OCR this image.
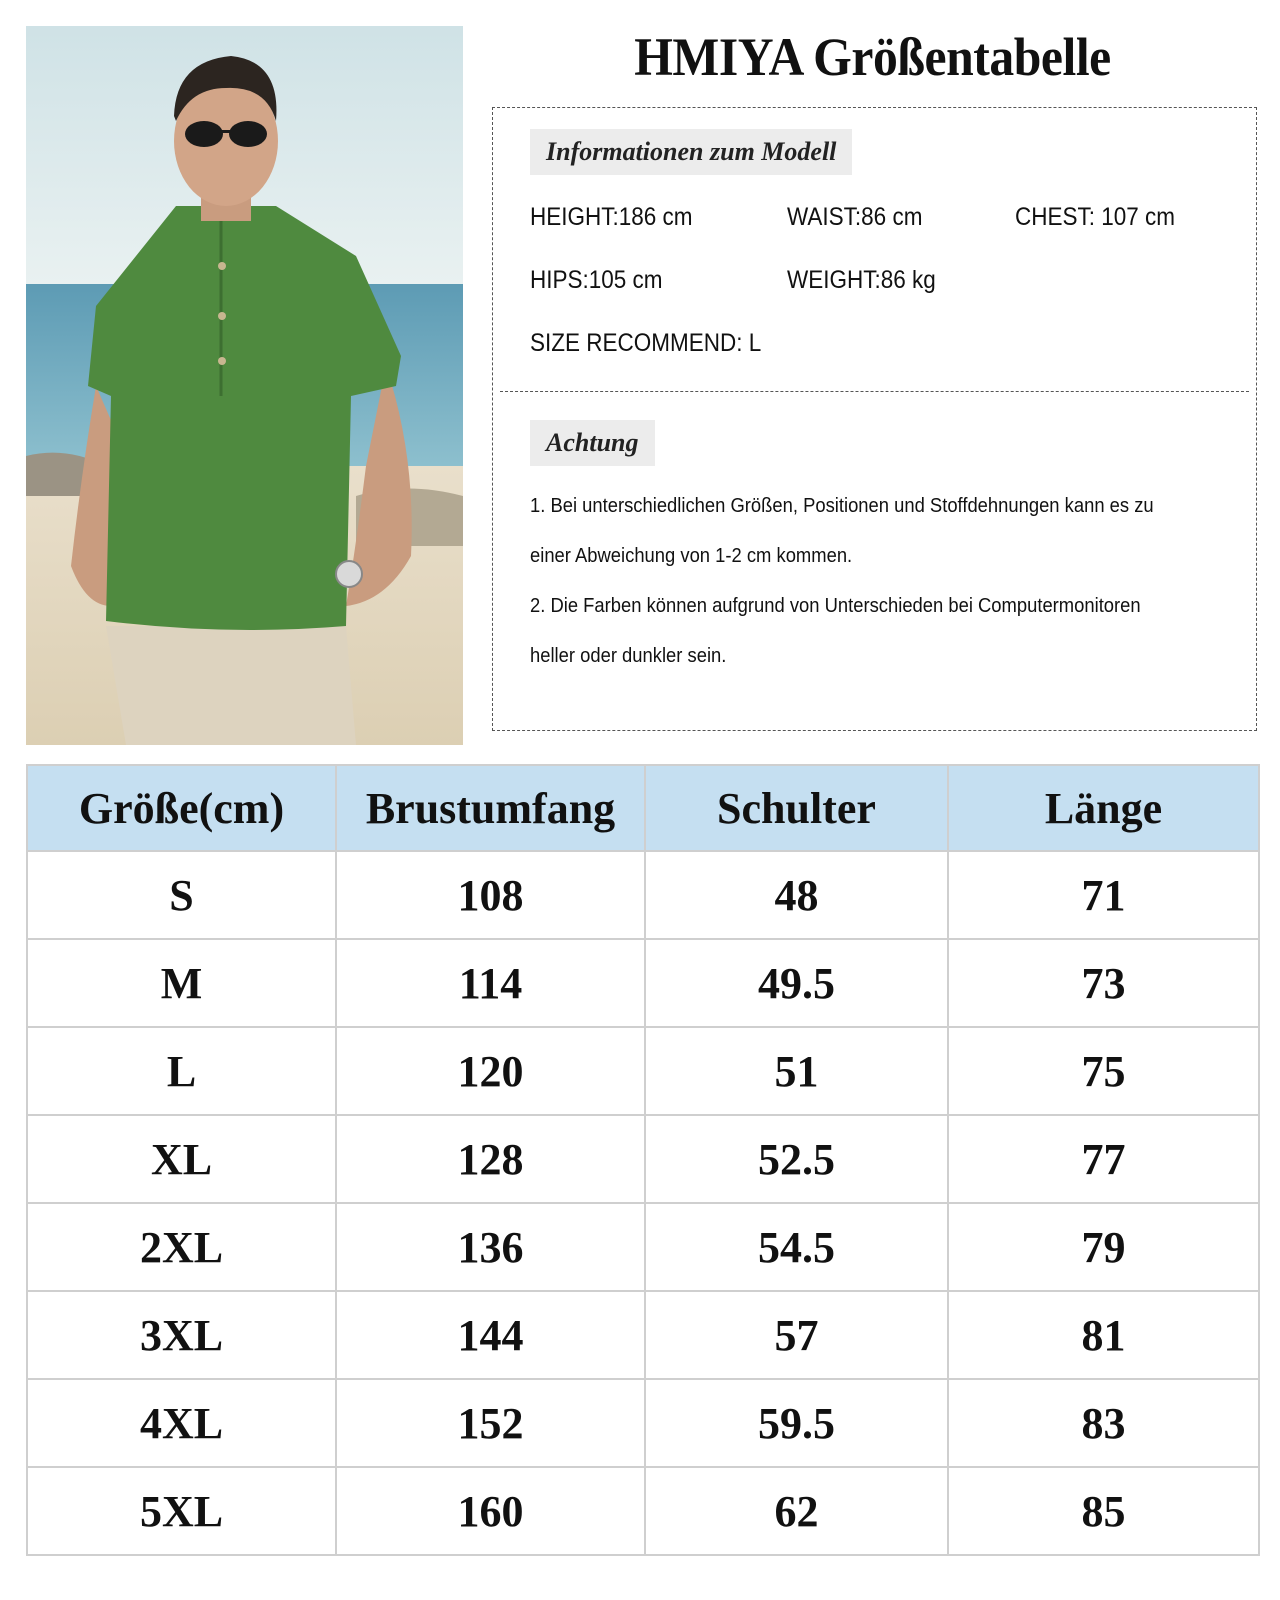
HMIYA Größentabelle
Informationen zum Modell
HEIGHT:186 cm	WAIST:86 cm	CHEST: 107 cm
HIPS:105 cm	WEIGHT:86 kg
SIZE RECOMMEND: L
Achtung
1. Bei unterschiedlichen Größen, Positionen und Stoffdehnungen kann es zu
einer Abweichung von 1-2 cm kommen.
2. Die Farben können aufgrund von Unterschieden bei Computermonitoren
heller oder dunkler sein.
Größe(cm)	Brustumfang	Schulter	Länge
S	108	48	71
M	114	49.5	73
L	120	51	75
XL	128	52.5	77
2XL	136	54.5	79
3XL	144	57	81
4XL	152	59.5	83
5XL	160	62	85
